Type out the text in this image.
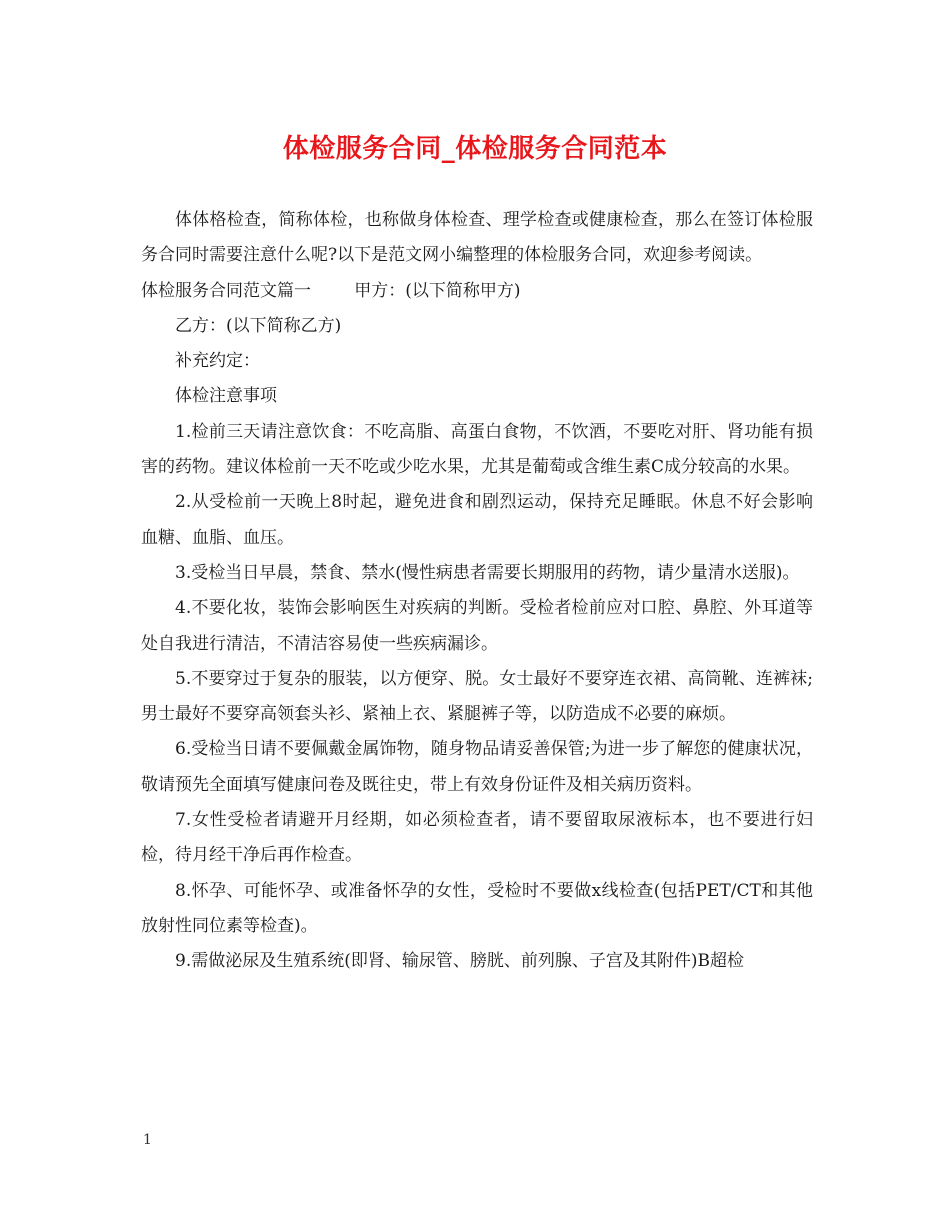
体检服务合同_体检服务合同范本

体体格检查，简称体检，也称做身体检查、理学检查或健康检查，那么在签订体检服务合同时需要注意什么呢?以下是范文网小编整理的体检服务合同，欢迎参考阅读。

体检服务合同范文篇一        甲方：(以下简称甲方)

乙方：(以下简称乙方)

补充约定：

体检注意事项

1.检前三天请注意饮食：不吃高脂、高蛋白食物，不饮酒，不要吃对肝、肾功能有损害的药物。建议体检前一天不吃或少吃水果，尤其是葡萄或含维生素C成分较高的水果。

2.从受检前一天晚上8时起，避免进食和剧烈运动，保持充足睡眠。休息不好会影响血糖、血脂、血压。

3.受检当日早晨，禁食、禁水(慢性病患者需要长期服用的药物，请少量清水送服)。

4.不要化妆，装饰会影响医生对疾病的判断。受检者检前应对口腔、鼻腔、外耳道等处自我进行清洁，不清洁容易使一些疾病漏诊。

5.不要穿过于复杂的服装，以方便穿、脱。女士最好不要穿连衣裙、高筒靴、连裤袜;男士最好不要穿高领套头衫、紧袖上衣、紧腿裤子等，以防造成不必要的麻烦。

6.受检当日请不要佩戴金属饰物，随身物品请妥善保管;为进一步了解您的健康状况，敬请预先全面填写健康问卷及既往史，带上有效身份证件及相关病历资料。

7.女性受检者请避开月经期，如必须检查者，请不要留取尿液标本，也不要进行妇检，待月经干净后再作检查。

8.怀孕、可能怀孕、或准备怀孕的女性，受检时不要做x线检查(包括PET/CT和其他放射性同位素等检查)。

9.需做泌尿及生殖系统(即肾、输尿管、膀胱、前列腺、子宫及其附件)B超检

1
